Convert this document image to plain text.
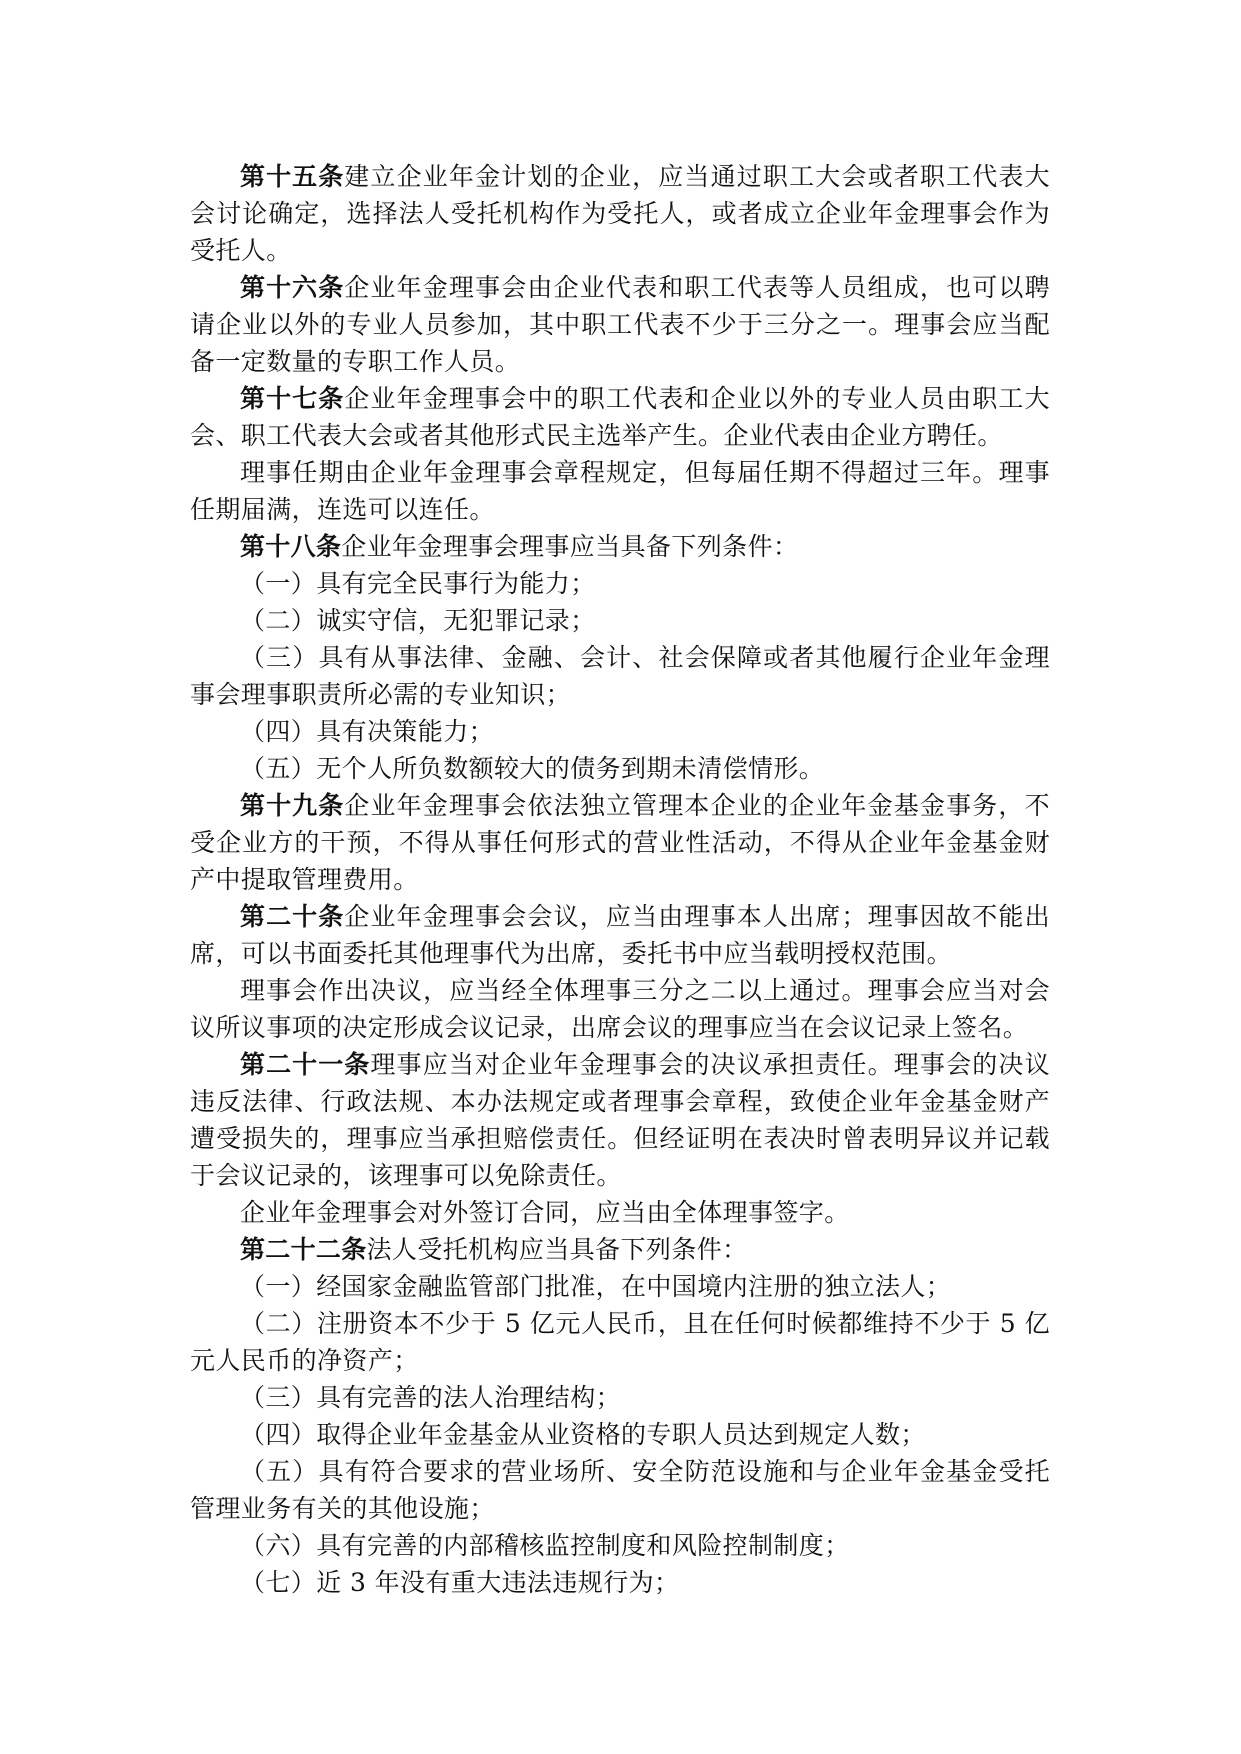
第十五条建立企业年金计划的企业，应当通过职工大会或者职工代表大会讨论确定，选择法人受托机构作为受托人，或者成立企业年金理事会作为受托人。

第十六条企业年金理事会由企业代表和职工代表等人员组成，也可以聘请企业以外的专业人员参加，其中职工代表不少于三分之一。理事会应当配备一定数量的专职工作人员。

第十七条企业年金理事会中的职工代表和企业以外的专业人员由职工大会、职工代表大会或者其他形式民主选举产生。企业代表由企业方聘任。

理事任期由企业年金理事会章程规定，但每届任期不得超过三年。理事任期届满，连选可以连任。

第十八条企业年金理事会理事应当具备下列条件：

（一）具有完全民事行为能力；

（二）诚实守信，无犯罪记录；

（三）具有从事法律、金融、会计、社会保障或者其他履行企业年金理事会理事职责所必需的专业知识；

（四）具有决策能力；

（五）无个人所负数额较大的债务到期未清偿情形。

第十九条企业年金理事会依法独立管理本企业的企业年金基金事务，不受企业方的干预，不得从事任何形式的营业性活动，不得从企业年金基金财产中提取管理费用。

第二十条企业年金理事会会议，应当由理事本人出席；理事因故不能出席，可以书面委托其他理事代为出席，委托书中应当载明授权范围。

理事会作出决议，应当经全体理事三分之二以上通过。理事会应当对会议所议事项的决定形成会议记录，出席会议的理事应当在会议记录上签名。

第二十一条理事应当对企业年金理事会的决议承担责任。理事会的决议违反法律、行政法规、本办法规定或者理事会章程，致使企业年金基金财产遭受损失的，理事应当承担赔偿责任。但经证明在表决时曾表明异议并记载于会议记录的，该理事可以免除责任。

企业年金理事会对外签订合同，应当由全体理事签字。

第二十二条法人受托机构应当具备下列条件：

（一）经国家金融监管部门批准，在中国境内注册的独立法人；

（二）注册资本不少于 5 亿元人民币，且在任何时候都维持不少于 5 亿元人民币的净资产；

（三）具有完善的法人治理结构；

（四）取得企业年金基金从业资格的专职人员达到规定人数；

（五）具有符合要求的营业场所、安全防范设施和与企业年金基金受托管理业务有关的其他设施；

（六）具有完善的内部稽核监控制度和风险控制制度；

（七）近 3 年没有重大违法违规行为；
